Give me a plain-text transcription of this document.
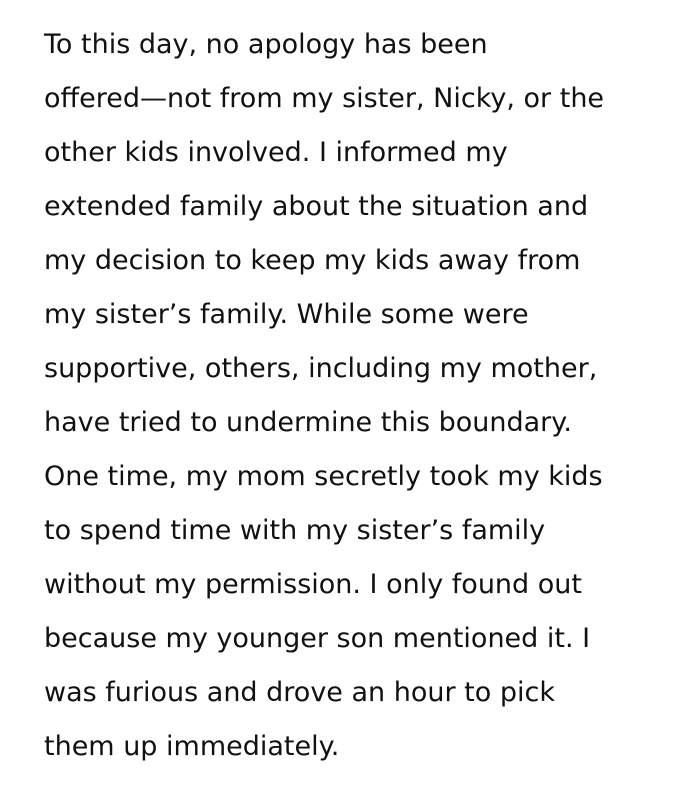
To this day, no apology has been
offered—not from my sister, Nicky, or the
other kids involved. I informed my
extended family about the situation and
my decision to keep my kids away from
my sister’s family. While some were
supportive, others, including my mother,
have tried to undermine this boundary.
One time, my mom secretly took my kids
to spend time with my sister’s family
without my permission. I only found out
because my younger son mentioned it. I
was furious and drove an hour to pick
them up immediately.
